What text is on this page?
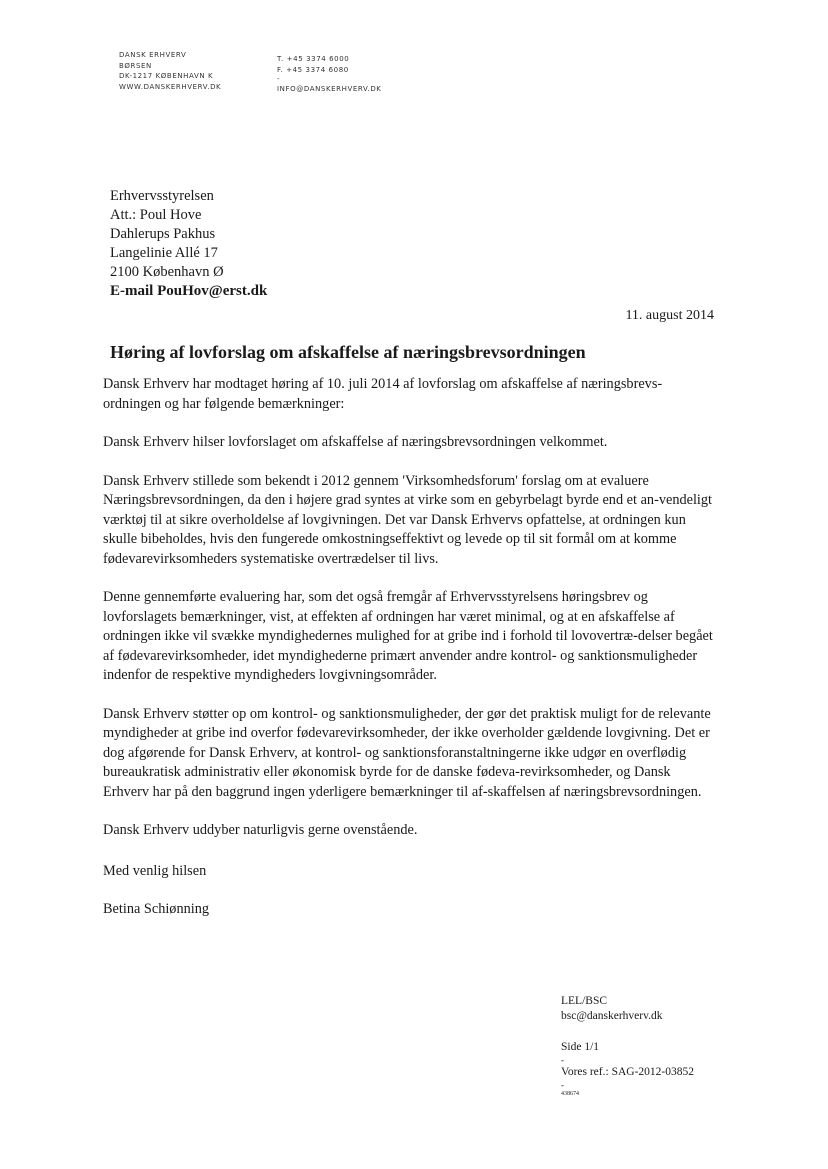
DANSK ERHVERV
BØRSEN
DK-1217 KØBENHAVN K
WWW.DANSKERHVERV.DK
T. +45 3374 6000
F. +45 3374 6080
-
INFO@DANSKERHVERV.DK
Erhvervsstyrelsen
Att.: Poul Hove
Dahlerups Pakhus
Langelinie Allé 17
2100 København Ø
E-mail PouHov@erst.dk
11. august 2014
Høring af lovforslag om afskaffelse af næringsbrevsordningen

Dansk Erhverv har modtaget høring af 10. juli 2014 af lovforslag om afskaffelse af næringsbrevs-ordningen og har følgende bemærkninger:

Dansk Erhverv hilser lovforslaget om afskaffelse af næringsbrevsordningen velkommet.

Dansk Erhverv stillede som bekendt i 2012 gennem 'Virksomhedsforum' forslag om at evaluere Næringsbrevsordningen, da den i højere grad syntes at virke som en gebyrbelagt byrde end et an-vendeligt værktøj til at sikre overholdelse af lovgivningen. Det var Dansk Erhvervs opfattelse, at ordningen kun skulle bibeholdes, hvis den fungerede omkostningseffektivt og levede op til sit formål om at komme fødevarevirksomheders systematiske overtrædelser til livs.

Denne gennemførte evaluering har, som det også fremgår af Erhvervsstyrelsens høringsbrev og lovforslagets bemærkninger, vist, at effekten af ordningen har været minimal, og at en afskaffelse af ordningen ikke vil svække myndighedernes mulighed for at gribe ind i forhold til lovovertræ-delser begået af fødevarevirksomheder, idet myndighederne primært anvender andre kontrol- og sanktionsmuligheder indenfor de respektive myndigheders lovgivningsområder.

Dansk Erhverv støtter op om kontrol- og sanktionsmuligheder, der gør det praktisk muligt for de relevante myndigheder at gribe ind overfor fødevarevirksomheder, der ikke overholder gældende lovgivning. Det er dog afgørende for Dansk Erhverv, at kontrol- og sanktionsforanstaltningerne ikke udgør en overflødig bureaukratisk administrativ eller økonomisk byrde for de danske fødeva-revirksomheder, og Dansk Erhverv har på den baggrund ingen yderligere bemærkninger til af-skaffelsen af næringsbrevsordningen.

Dansk Erhverv uddyber naturligvis gerne ovenstående.

Med venlig hilsen
Betina Schiønning
LEL/BSC
bsc@danskerhverv.dk
Side 1/1
-
Vores ref.: SAG-2012-03852
-
438674
